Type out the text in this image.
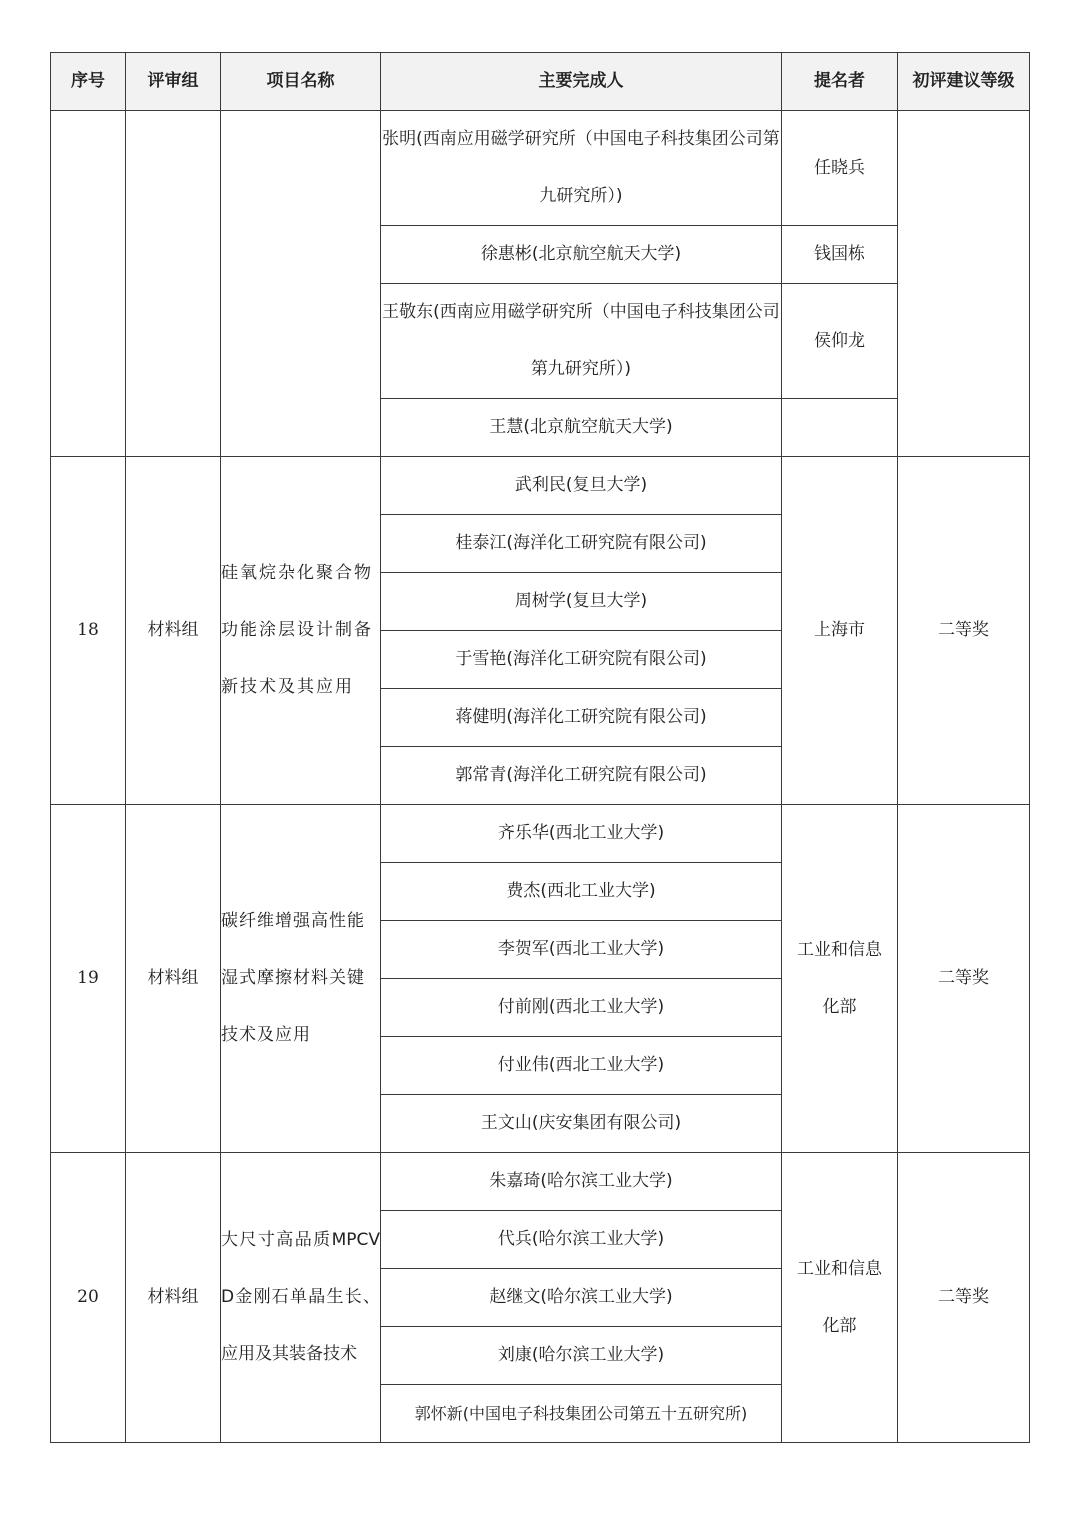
序号	评审组	项目名称	主要完成人	提名者	初评建议等级
			张明(西南应用磁学研究所（中国电子科技集团公司第九研究所）)	任晓兵	
			徐惠彬(北京航空航天大学)	钱国栋	
			王敬东(西南应用磁学研究所（中国电子科技集团公司第九研究所）)	侯仰龙	
			王慧(北京航空航天大学)		
18	材料组	硅氧烷杂化聚合物功能涂层设计制备新技术及其应用	武利民(复旦大学)	上海市	二等奖
			桂泰江(海洋化工研究院有限公司)		
			周树学(复旦大学)		
			于雪艳(海洋化工研究院有限公司)		
			蒋健明(海洋化工研究院有限公司)		
			郭常青(海洋化工研究院有限公司)		
19	材料组	碳纤维增强高性能湿式摩擦材料关键技术及应用	齐乐华(西北工业大学)	工业和信息化部	二等奖
			费杰(西北工业大学)		
			李贺军(西北工业大学)		
			付前刚(西北工业大学)		
			付业伟(西北工业大学)		
			王文山(庆安集团有限公司)		
20	材料组	大尺寸高品质MPCVD金刚石单晶生长、应用及其装备技术	朱嘉琦(哈尔滨工业大学)	工业和信息化部	二等奖
			代兵(哈尔滨工业大学)		
			赵继文(哈尔滨工业大学)		
			刘康(哈尔滨工业大学)		
			郭怀新(中国电子科技集团公司第五十五研究所)		
